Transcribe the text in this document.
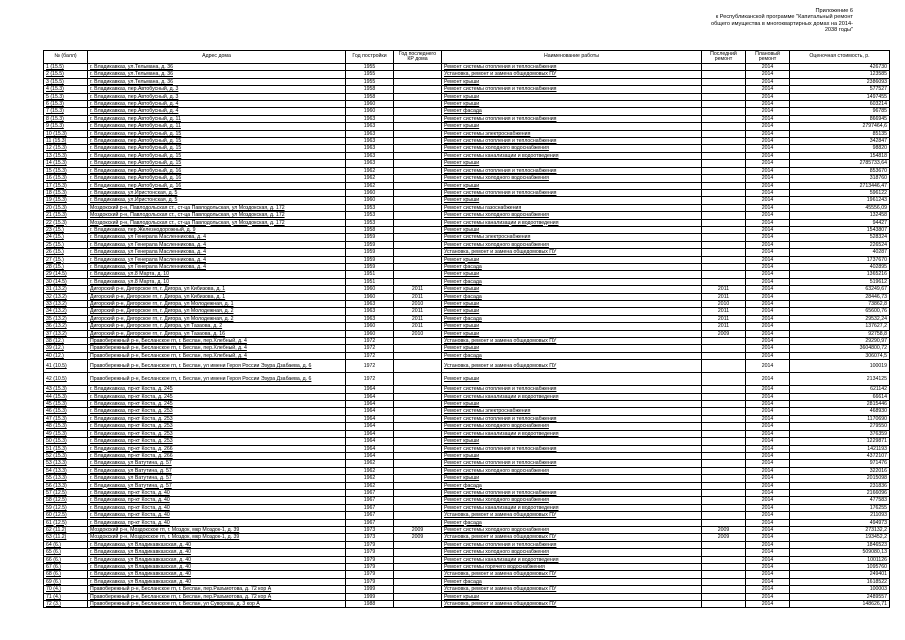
Приложение 6
к Республиканской программе "Капитальный ремонт
общего имущества в многоквартирных домах на 2014-
2038 годы"
№ (балл)	Адрес дома	Год постройки	Год последнего КР дома	Наименование работы	Последний ремонт	Плановый ремонт	Оценочная стоимость, р.
1 (15.5)	г. Владикавказ, ул.Тельмана, д. 36	1955		Ремонт системы отопления и теплоснабжения		2014	426730
2 (15.5)	г. Владикавказ, ул.Тельмана, д. 36	1955		Установка, ремонт и замена общедомовых ПУ		2014	123585
3 (15.5)	г. Владикавказ, ул.Тельмана, д. 36	1955		Ремонт крыши		2014	2386093
4 (15.3)	г. Владикавказ, пер.Автобусный, д. 3	1958		Ремонт системы отопления и теплоснабжения		2014	577527
5 (15.3)	г. Владикавказ, пер.Автобусный, д. 3	1958		Ремонт крыши		2014	1497455
6 (15.3)	г. Владикавказ, пер.Автобусный, д. 4	1960		Ремонт крыши		2014	603214
7 (15.3)	г. Владикавказ, пер.Автобусный, д. 4	1960		Ремонт фасада		2014	96785
8 (15.3)	г. Владикавказ, пер.Автобусный, д. 11	1963		Ремонт системы отопления и теплоснабжения		2014	866945
9 (15.3)	г. Владикавказ, пер.Автобусный, д. 11	1963		Ремонт крыши		2014	2797464,6
10 (15.3)	г. Владикавказ, пер.Автобусный, д. 15	1963		Ремонт системы электроснабжения		2014	85135
11 (15.3)	г. Владикавказ, пер.Автобусный, д. 15	1963		Ремонт системы отопления и теплоснабжения		2014	342847
12 (15.3)	г. Владикавказ, пер.Автобусный, д. 15	1963		Ремонт системы холодного водоснабжения		2014	98820
13 (15.3)	г. Владикавказ, пер.Автобусный, д. 15	1963		Ремонт системы канализации и водоотведения		2014	154818
14 (15.3)	г. Владикавказ, пер.Автобусный, д. 15	1963		Ремонт крыши		2014	2785733,64
15 (15.3)	г. Владикавказ, пер.Автобусный, д. 16	1962		Ремонт системы отопления и теплоснабжения		2014	853670
16 (15.3)	г. Владикавказ, пер.Автобусный, д. 16	1962		Ремонт системы холодного водоснабжения		2014	318760
17 (15.3)	г. Владикавказ, пер.Автобусный, д. 16	1962		Ремонт крыши		2014	2713446,47
18 (15.3)	г. Владикавказ, ул.Иристонская, д. 5	1960		Ремонт системы отопления и теплоснабжения		2014	596122
19 (15.3)	г. Владикавказ, ул.Иристонская, д. 5	1960		Ремонт крыши		2014	1961243
20 (15.3)	Моздокский р-н, Павлодольская ст., ст-ца Павлодольская, ул Моздокская, д. 172	1953		Ремонт системы газоснабжения		2014	45556,09
21 (15.3)	Моздокский р-н, Павлодольская ст., ст-ца Павлодольская, ул Моздокская, д. 172	1953		Ремонт системы холодного водоснабжения		2014	132458
22 (15.3)	Моздокский р-н, Павлодольская ст., ст-ца Павлодольская, ул Моздокская, д. 172	1953		Ремонт системы канализации и водоотведения		2014	94427
23 (15.)	г. Владикавказ, пер.Железнодорожный, д. 9	1958		Ремонт крыши		2014	1543807
24 (15.)	г. Владикавказ, ул Генерала Масленникова, д. 4	1959		Ремонт системы электроснабжения		2014	528324
25 (15.)	г. Владикавказ, ул Генерала Масленникова, д. 4	1959		Ремонт системы холодного водоснабжения		2014	226524
26 (15.)	г. Владикавказ, ул Генерала Масленникова, д. 4	1959		Установка, ремонт и замена общедомовых ПУ		2014	40287
27 (15.)	г. Владикавказ, ул Генерала Масленникова, д. 4	1959		Ремонт крыши		2014	1737670
28 (15.)	г. Владикавказ, ул Генерала Масленникова, д. 4	1959		Ремонт фасада		2014	402895
29 (14.5)	г. Владикавказ, ул.8 Марта, д. 10	1951		Ремонт крыши		2014	1365216
30 (14.5)	г. Владикавказ, ул.8 Марта, д. 10	1951		Ремонт фасада		2014	519612
31 (13.2)	Дигорский р-н, Дигорское гп, г. Дигора, ул Кибизова, д. 1	1960	2011	Ремонт крыши	2011	2014	63249,67
32 (13.2)	Дигорский р-н, Дигорское гп, г. Дигора, ул Кибизова, д. 1	1960	2011	Ремонт фасада	2011	2014	28446,73
33 (13.2)	Дигорский р-н, Дигорское гп, г. Дигора, ул Молодежная, д. 1	1963	2010	Ремонт крыши	2010	2014	73862,8
34 (13.2)	Дигорский р-н, Дигорское гп, г. Дигора, ул Молодежная, д. 2	1963	2011	Ремонт крыши	2011	2014	65600,76
35 (13.2)	Дигорский р-н, Дигорское гп, г. Дигора, ул Молодежная, д. 2	1963	2011	Ремонт фасада	2011	2014	29532,24
36 (13.2)	Дигорский р-н, Дигорское гп, г. Дигора, ул Тазаова, д. 2	1960	2011	Ремонт крыши	2011	2014	137627,2
37 (13.2)	Дигорский р-н, Дигорское гп, г. Дигора, ул Тазаова, д. 16	1960	2010	Ремонт крыши	2009	2014	92758,8
38 (12.)	Правобережный р-н, Бесланское гп, г. Беслан, пер.Хлебный, д. 4	1972		Установка, ремонт и замена общедомовых ПУ		2014	29290,97
39 (12.)	Правобережный р-н, Бесланское гп, г. Беслан, пер.Хлебный, д. 4	1972		Ремонт крыши		2014	3604800,72
40 (12.)	Правобережный р-н, Бесланское гп, г. Беслан, пер.Хлебный, д. 4	1972		Ремонт фасада		2014	306074,5
41 (10.5)	Правобережный р-н, Бесланское гп, г. Беслан, ул имени Героя России Эзура Дзабаева, д. 6	1972		Установка, ремонт и замена общедомовых ПУ		2014	100019
42 (10.5)	Правобережный р-н, Бесланское гп, г. Беслан, ул имени Героя России Эзура Дзабаева, д. 6	1972		Ремонт крыши		2014	2134125
43 (15.3)	г. Владикавказ, пр-кт Коста, д. 245	1964		Ремонт системы отопления и теплоснабжения		2014	621142
44 (15.3)	г. Владикавказ, пр-кт Коста, д. 245	1964		Ремонт системы канализации и водоотведения		2014	66614
45 (15.3)	г. Владикавказ, пр-кт Коста, д. 245	1964		Ремонт крыши		2014	2815446
46 (15.3)	г. Владикавказ, пр-кт Коста, д. 253	1964		Ремонт системы электроснабжения		2014	468930
47 (15.3)	г. Владикавказ, пр-кт Коста, д. 253	1964		Ремонт системы отопления и теплоснабжения		2014	1170690
48 (15.3)	г. Владикавказ, пр-кт Коста, д. 253	1964		Ремонт системы холодного водоснабжения		2014	279550
49 (15.3)	г. Владикавказ, пр-кт Коста, д. 253	1964		Ремонт системы канализации и водоотведения		2014	376359
50 (15.3)	г. Владикавказ, пр-кт Коста, д. 253	1964		Ремонт крыши		2014	1229871
51 (15.3)	г. Владикавказ, пр-кт Коста, д. 266	1964		Ремонт системы отопления и теплоснабжения		2014	1421193
52 (15.3)	г. Владикавказ, пр-кт Коста, д. 266	1964		Ремонт крыши		2014	4372107
53 (13.3)	г. Владикавказ, ул Ватутина, д. 57	1962		Ремонт системы отопления и теплоснабжения		2014	971476
54 (13.3)	г. Владикавказ, ул Ватутина, д. 57	1962		Ремонт системы холодного водоснабжения		2014	322016
55 (13.3)	г. Владикавказ, ул Ватутина, д. 57	1962		Ремонт крыши		2014	2015098
56 (13.3)	г. Владикавказ, ул Ватутина, д. 57	1962		Ремонт фасада		2014	231836
57 (12.5)	г. Владикавказ, пр-кт Коста, д. 40	1967		Ремонт системы отопления и теплоснабжения		2014	2166096
58 (12.5)	г. Владикавказ, пр-кт Коста, д. 40	1967		Ремонт системы холодного водоснабжения		2014	477583
59 (12.5)	г. Владикавказ, пр-кт Коста, д. 40	1967		Ремонт системы канализации и водоотведения		2014	176255
60 (12.5)	г. Владикавказ, пр-кт Коста, д. 40	1967		Установка, ремонт и замена общедомовых ПУ		2014	211093
61 (12.5)	г. Владикавказ, пр-кт Коста, д. 40	1967		Ремонт фасада		2014	494973
62 (11.2)	Моздокский р-н, Моздокское гп, г. Моздок, мкр Моздок-1, д. 39	1973	2009	Ремонт системы холодного водоснабжения	2009	2014	273132,2
63 (11.2)	Моздокский р-н, Моздокское гп, г. Моздок, мкр Моздок-1, д. 39	1973	2009	Установка, ремонт и замена общедомовых ПУ	2009	2014	193452,2
64 (6.)	г. Владикавказ, ул Владикавказская, д. 40	1979		Ремонт системы отопления и теплоснабжения		2014	1846523
65 (6.)	г. Владикавказ, ул Владикавказская, д. 40	1979		Ремонт системы холодного водоснабжения		2014	509080,13
66 (6.)	г. Владикавказ, ул Владикавказская, д. 40	1979		Ремонт системы канализации и водоотведения		2014	1001126
67 (6.)	г. Владикавказ, ул Владикавказская, д. 40	1979		Ремонт системы горячего водоснабжения		2014	1095760
68 (6.)	г. Владикавказ, ул Владикавказская, д. 40	1979		Установка, ремонт и замена общедомовых ПУ		2014	249401
69 (6.)	г. Владикавказ, ул Владикавказская, д. 40	1979		Ремонт фасада		2014	1618522
70 (4.)	Правобережный р-н, Бесланское гп, г. Беслан, пер.Разъмотова, д. 72 кор А	1999		Установка, ремонт и замена общедомовых ПУ		2014	100003
71 (4.)	Правобережный р-н, Бесланское гп, г. Беслан, пер.Разъмотова, д. 72 кор А	1999		Ремонт крыши		2014	2489557
72 (3.)	Правобережный р-н, Бесланское гп, г. Беслан, ул Суворова, д. 3 кор А	1988		Установка, ремонт и замена общедомовых ПУ		2014	148626,71
